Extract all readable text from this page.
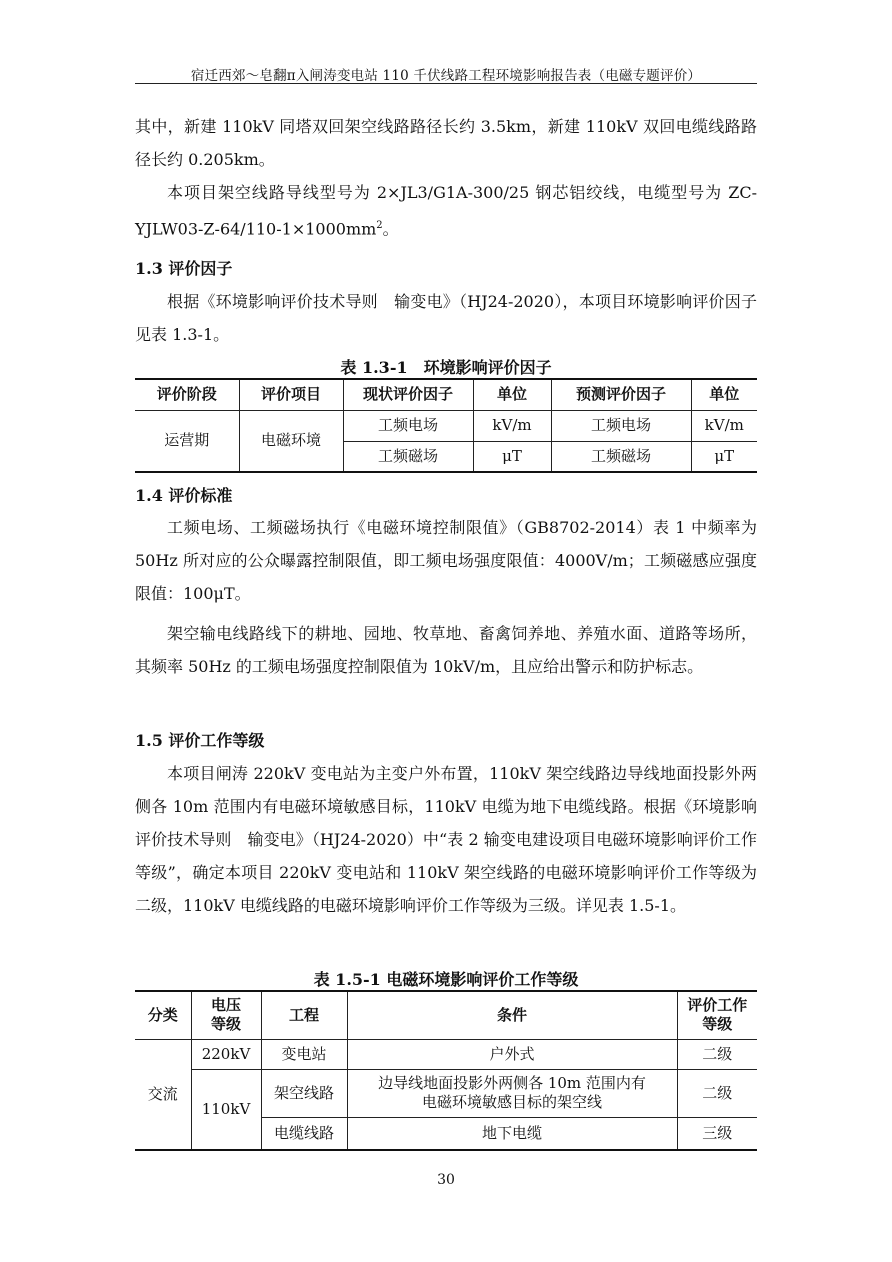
宿迁西郊～皂翻π入闸涛变电站 110 千伏线路工程环境影响报告表（电磁专题评价）

其中，新建 110kV 同塔双回架空线路路径长约 3.5km，新建 110kV 双回电缆线路路径长约 0.205km。

本项目架空线路导线型号为 2×JL3/G1A-300/25 钢芯铝绞线，电缆型号为 $ZC-YJLW03-Z-64/110-1\times 1000mm^2$。

1.3 评价因子

根据《环境影响评价技术导则　输变电》（HJ24-2020），本项目环境影响评价因子见表 1.3-1。

表 1.3-1　环境影响评价因子
评价阶段	评价项目	现状评价因子	单位	预测评价因子	单位
运营期	电磁环境	工频电场	kV/m	工频电场	kV/m
		工频磁场	μT	工频磁场	μT
1.4 评价标准

工频电场、工频磁场执行《电磁环境控制限值》（GB8702-2014）表 1 中频率为 50Hz 所对应的公众曝露控制限值，即工频电场强度限值：4000V/m；工频磁感应强度限值：100μT。

架空输电线路线下的耕地、园地、牧草地、畜禽饲养地、养殖水面、道路等场所，其频率 50Hz 的工频电场强度控制限值为 10kV/m，且应给出警示和防护标志。

1.5 评价工作等级

本项目闸涛 220kV 变电站为主变户外布置，110kV 架空线路边导线地面投影外两侧各 10m 范围内有电磁环境敏感目标，110kV 电缆为地下电缆线路。根据《环境影响评价技术导则　输变电》（HJ24-2020）中“表 2 输变电建设项目电磁环境影响评价工作等级”，确定本项目 220kV 变电站和 110kV 架空线路的电磁环境影响评价工作等级为二级，110kV 电缆线路的电磁环境影响评价工作等级为三级。详见表 1.5-1。

表 1.5-1 电磁环境影响评价工作等级
分类	电压等级	工程	条件	评价工作等级
交流	220kV	变电站	户外式	二级
	110kV	架空线路	边导线地面投影外两侧各 10m 范围内有电磁环境敏感目标的架空线	二级
		电缆线路	地下电缆	三级
30
